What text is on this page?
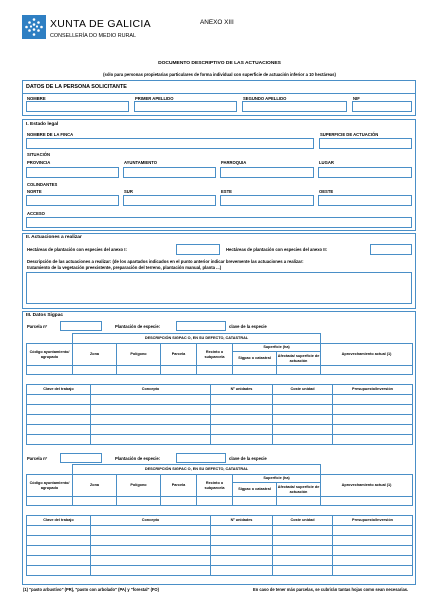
XUNTA DE GALICIA
CONSELLERÍA DO MEDIO RURAL
ANEXO XIII
DOCUMENTO DESCRIPTIVO DE LAS ACTUACIONES
(sólo para personas propietarias particulares de forma individual con superficie de actuación inferior a 10 hectáreas)
DATOS DE LA PERSONA SOLICITANTE
NOMBRE	PRIMER APELLIDO	SEGUNDO APELLIDO	NIF
I. Estado legal
NOMBRE DE LA FINCA	SUPERFICIE DE ACTUACIÓN
SITUACIÓN
PROVINCIA	AYUNTAMIENTO	PARROQUIA	LUGAR
COLINDANTES
NORTE	SUR	ESTE	OESTE
ACCESO
II. Actuaciones a realizar
Hectáreas de plantación con especies del anexo I:	Hectáreas de plantación con especies del anexo II:
Descripción de las actuaciones a realizar: (de los apartados indicados en el punto anterior indicar brevemente las actuaciones a realizar:
tratamiento de la vegetación preexistente, preparación del terreno, plantación manual, planta ...)
III. Datos Sigpac
Parcela nº	Plantación de especie:	clave de la especie
	DESCRIPCIÓN SIGPAC O, EN SU DEFECTO, CATASTRAL						
Código ayuntamiento/ agrupado	Zona	Polígono	Parcela	Recinto o subparcela	Superficie (ha)		Aprovechamiento actual (1)
					Sigpac o catastral	Afectada/ superficie de actuación	

Clave del trabajo	Concepto	Nº unidades	Coste unidad	Presupuesto/Inversión

Parcela nº	Plantación de especie:	clave de la especie
	DESCRIPCIÓN SIGPAC O, EN SU DEFECTO, CATASTRAL						
Código ayuntamiento/ agrupado	Zona	Polígono	Parcela	Recinto o subparcela	Superficie (ha)		Aprovechamiento actual (1)
					Sigpac o catastral	Afectada/ superficie de actuación	

Clave del trabajo	Concepto	Nº unidades	Coste unidad	Presupuesto/Inversión

(1) "pasto arbustivo" (PR), "pasto con arbolado" (PA) y "forestal" (FO)	En caso de tener más parcelas, se cubrirán tantas hojas como sean necesarias.
